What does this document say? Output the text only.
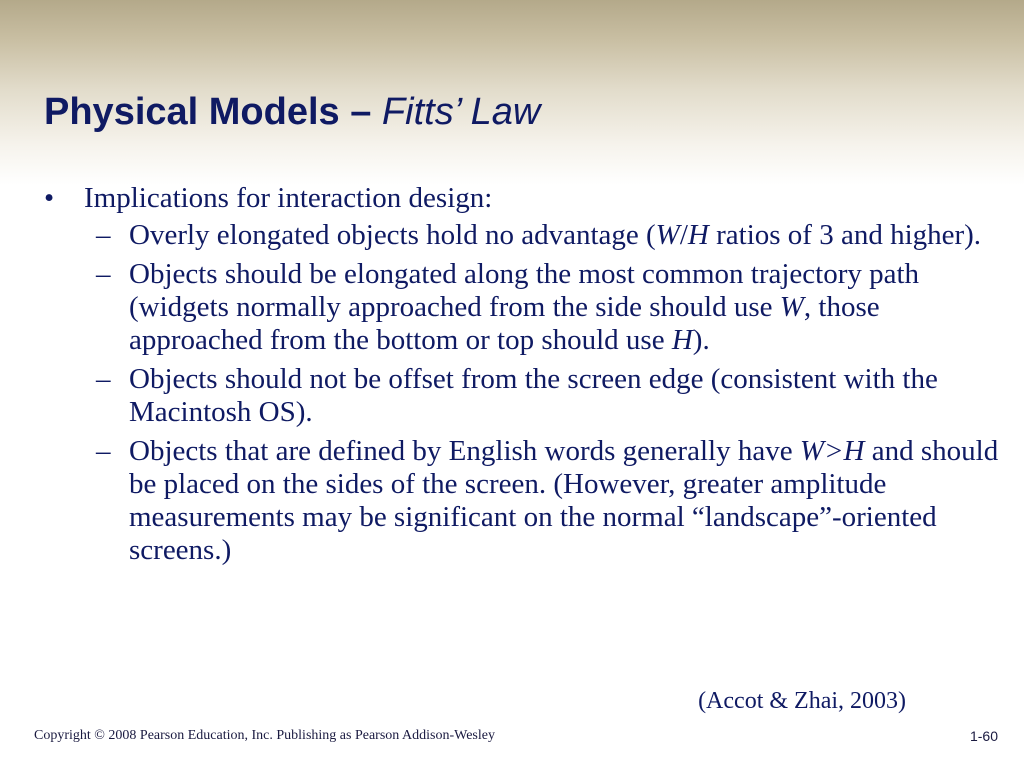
Physical Models – Fitts’ Law
•	Implications for interaction design:
– Overly elongated objects hold no advantage (W/H ratios of 3 and higher).
– Objects should be elongated along the most common trajectory path (widgets normally approached from the side should use W, those approached from the bottom or top should use H).
– Objects should not be offset from the screen edge (consistent with the Macintosh OS).
– Objects that are defined by English words generally have W>H and should be placed on the sides of the screen. (However, greater amplitude measurements may be significant on the normal “landscape”-oriented screens.)
(Accot & Zhai, 2003)
Copyright © 2008 Pearson Education, Inc. Publishing as Pearson Addison-Wesley	1-60
